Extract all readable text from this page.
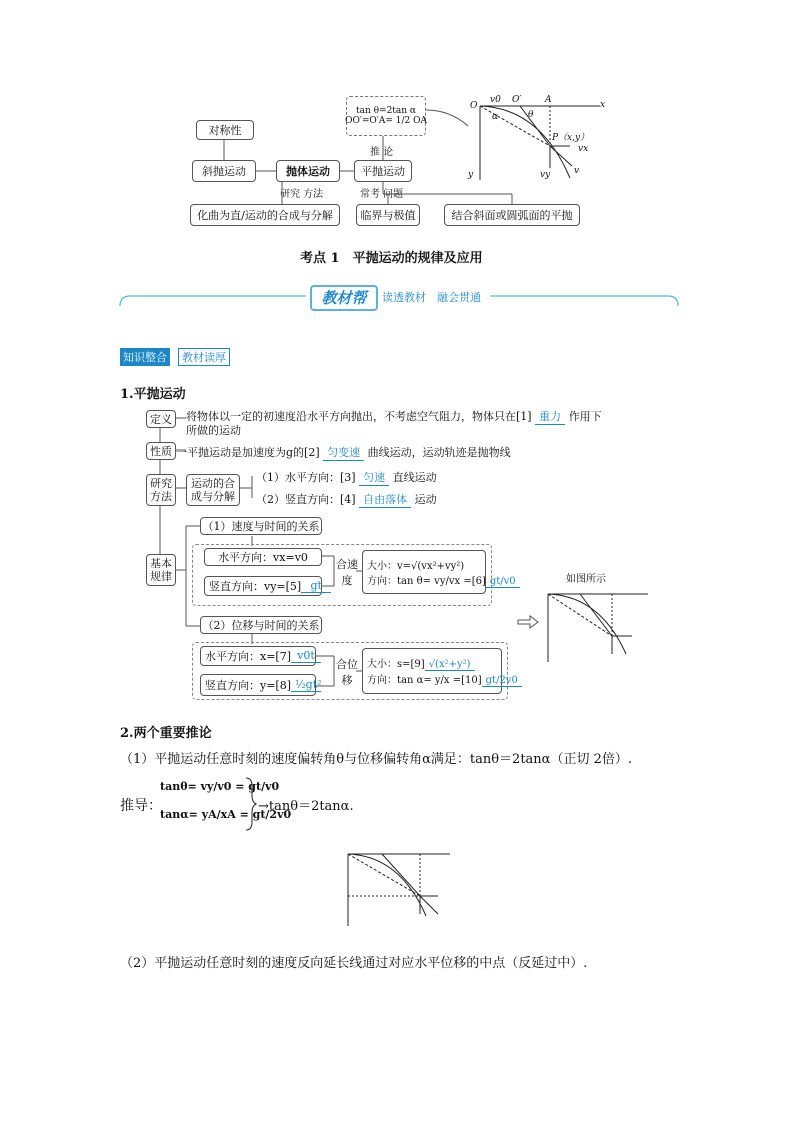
对称性
斜抛运动	抛体运动	平抛运动
研究 方法
化曲为直/运动的合成与分解
推 论
常考 问题
临界与极值	结合斜面或圆弧面的平抛
tan θ=2tan α
OO′=O′A= 1/2 OA
O
v0 O′	A	x
y
θ
α
P（x,y）
vx
vy	v
考点 1　平抛运动的规律及应用
教材帮	读透教材　融会贯通
知识整合	教材读厚
1.平抛运动
定义	将物体以一定的初速度沿水平方向抛出，不考虑空气阻力，物体只在[1] 重力 作用下
所做的运动
性质 一平抛运动是加速度为g的[2] 匀变速 曲线运动，运动轨迹是抛物线
研究方法
运动的合成与分解
（1）水平方向：[3] 匀速 直线运动
（2）竖直方向：[4] 自由落体 运动
基本规律
（1）速度与时间的关系
水平方向：vx=v0
竖直方向：vy=[5] gt
合速度
大小：v=√(vx²+vy²)
方向：tan θ= vy/vx =[6] gt/v0
（2）位移与时间的关系
水平方向：x=[7] v0t
竖直方向：y=[8] ½gt²
合位移
大小：s=[9] √(x²+y²)
方向：tan α= y/x =[10] gt/2v0
如图所示
2.两个重要推论
（1）平抛运动任意时刻的速度偏转角θ与位移偏转角α满足：tanθ＝2tanα（正切 2倍）.
推导：
tanθ= vy/v0 = gt/v0
tanα= yA/xA = gt/2v0
→tanθ＝2tanα.
（2）平抛运动任意时刻的速度反向延长线通过对应水平位移的中点（反延过中）.
